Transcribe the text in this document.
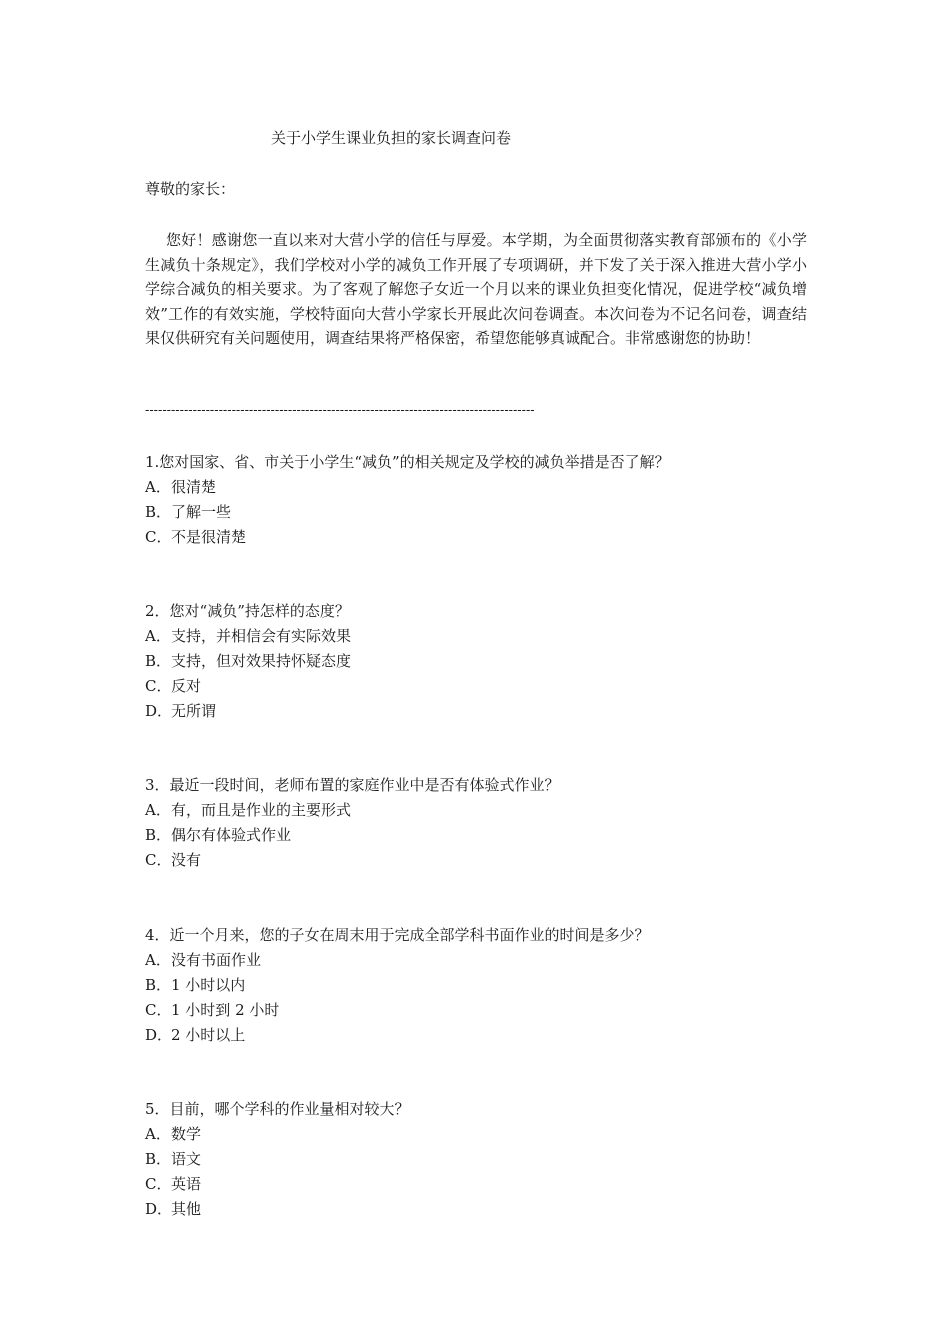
关于小学生课业负担的家长调查问卷
尊敬的家长：

您好！感谢您一直以来对大营小学的信任与厚爱。本学期，为全面贯彻落实教育部颁布的《小学生减负十条规定》，我们学校对小学的减负工作开展了专项调研，并下发了关于深入推进大营小学小学综合减负的相关要求。为了客观了解您子女近一个月以来的课业负担变化情况，促进学校“减负增效”工作的有效实施，学校特面向大营小学家长开展此次问卷调查。本次问卷为不记名问卷，调查结果仅供研究有关问题使用，调查结果将严格保密，希望您能够真诚配合。非常感谢您的协助！

------------------------------------------------------------------------------------------
1.您对国家、省、市关于小学生“减负”的相关规定及学校的减负举措是否了解？
A． 很清楚
B． 了解一些
C． 不是很清楚
2．您对“减负”持怎样的态度？
A． 支持，并相信会有实际效果
B． 支持，但对效果持怀疑态度
C． 反对
D．
无所谓
3．最近一段时间，老师布置的家庭作业中是否有体验式作业？
A． 有，而且是作业的主要形式
B． 偶尔有体验式作业
C． 没有
4．近一个月来，您的子女在周末用于完成全部学科书面作业的时间是多少？
A． 没有书面作业
B． 1 小时以内
C． 1 小时到 2 小时
D．
2 小时以上
5．目前，哪个学科的作业量相对较大？
A． 数学
B． 语文
C． 英语
D．
其他
